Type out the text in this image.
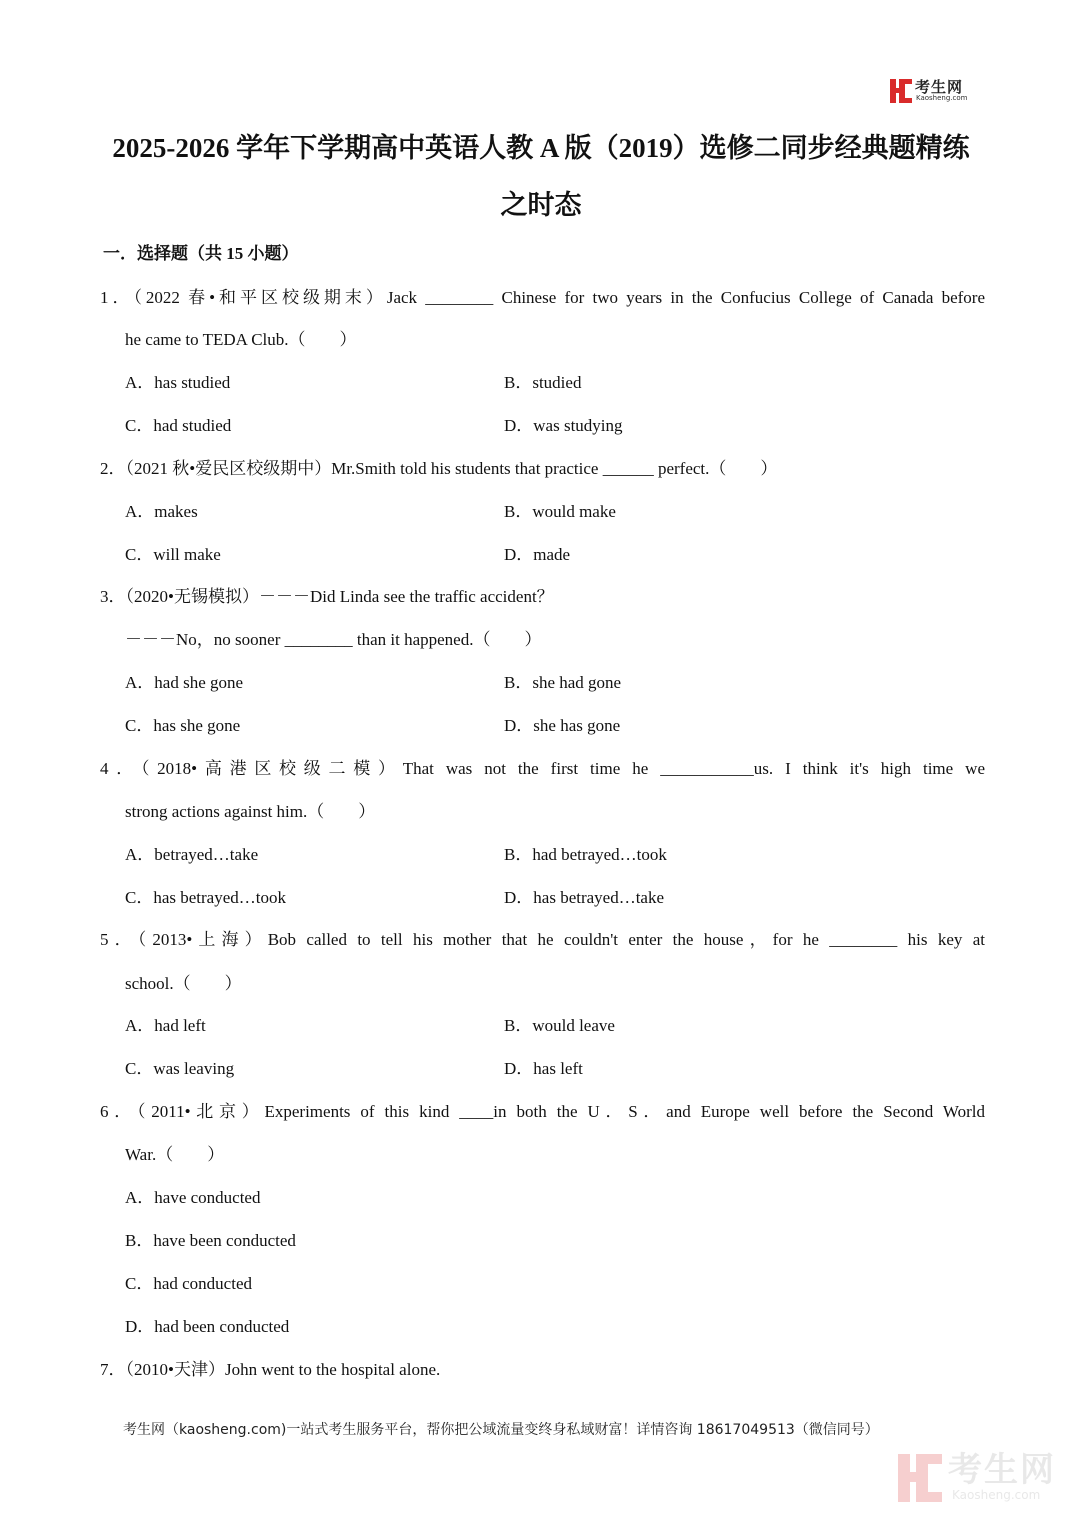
考生网
Kaosheng.com
2025-2026 学年下学期高中英语人教 A 版（2019）选修二同步经典题精练
之时态
一．选择题（共 15 小题）
1．（2022 春•和平区校级期末）Jack ________ Chinese for two years in the Confucius College of Canada before
he came to TEDA Club.（　　）
A．has studied	B．studied
C．had studied	D．was studying
2．（2021 秋•爱民区校级期中）Mr.Smith told his students that practice ______ perfect.（　　）
A．makes	B．would make
C．will make	D．made
3．（2020•无锡模拟）－－－Did Linda see the traffic accident？
－－－No，no sooner ________ than it happened.（　　）
A．had she gone	B．she had gone
C．has she gone	D．she has gone
4．（2018•高港区校级二模）That was not the first time he ___________us. I think it's high time we
strong actions against him.（　　）
A．betrayed…take	B．had betrayed…took
C．has betrayed…took	D．has betrayed…take
5．（2013•上海）Bob called to tell his mother that he couldn't enter the house，for he ________ his key at
school.（　　）
A．had left	B．would leave
C．was leaving	D．has left
6．（2011•北京）Experiments of this kind ____in both the U．S．and Europe well before the Second World
War.（　　）
A．have conducted
B．have been conducted
C．had conducted
D．had been conducted
7．（2010•天津）John went to the hospital alone.
考生网（kaosheng.com)一站式考生服务平台，帮你把公域流量变终身私域财富！详情咨询 18617049513（微信同号）
考生网
Kaosheng.com
